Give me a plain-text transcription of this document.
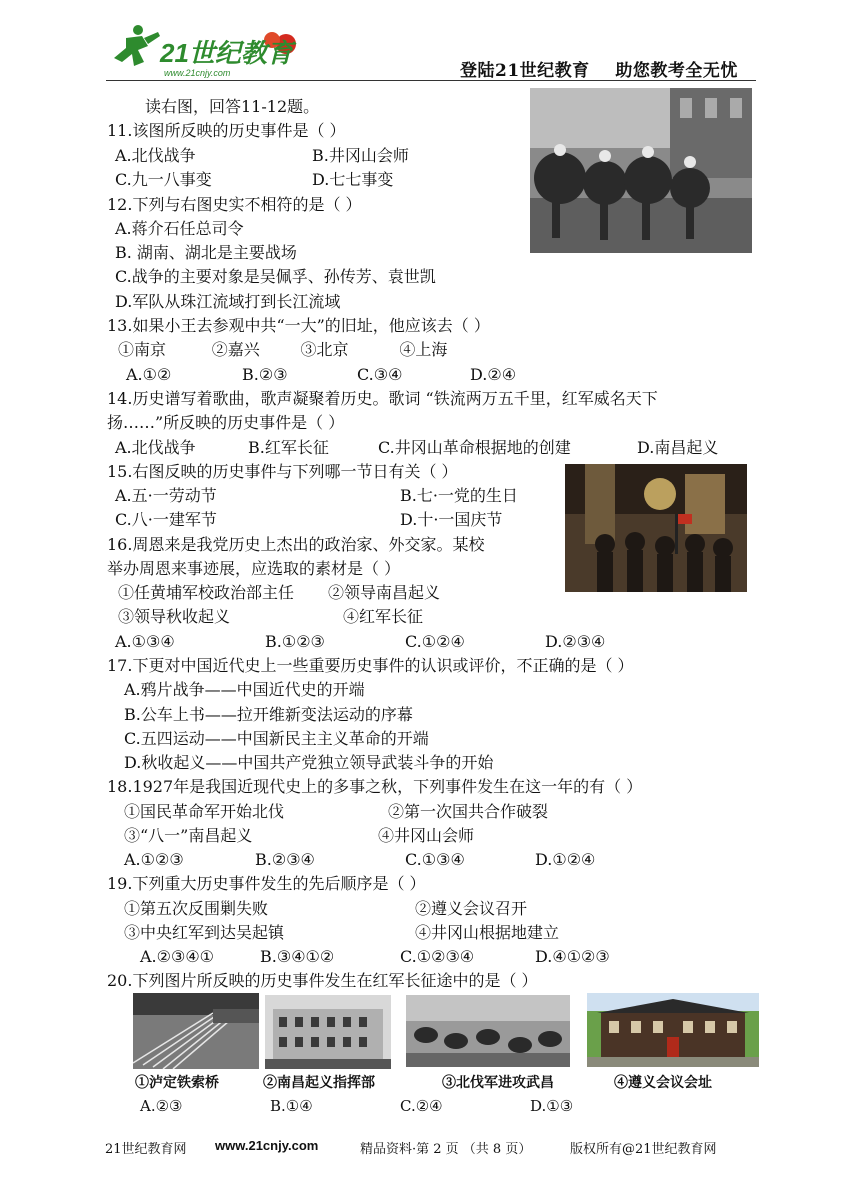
21世纪教育
www.21cnjy.com	登陆21世纪教育    助您教考全无忧
读右图，回答11-12题。
11.该图所反映的历史事件是（ ）
A.北伐战争	B.井冈山会师
C.九一八事变	D.七七事变
12.下列与右图史实不相符的是（ ）
A.蒋介石任总司令
B. 湖南、湖北是主要战场
C.战争的主要对象是吴佩孚、孙传芳、袁世凯
D.军队从珠江流域打到长江流域
13.如果小王去参观中共“一大”的旧址，他应该去（ ）
①南京         ②嘉兴        ③北京          ④上海
A.①②	B.②③	C.③④	D.②④
14.历史谱写着歌曲，歌声凝聚着历史。歌词 “铁流两万五千里，红军威名天下
扬……”所反映的历史事件是（ ）
A.北伐战争	B.红军长征	C.井冈山革命根据地的创建	D.南昌起义
15.右图反映的历史事件与下列哪一节日有关（ ）
A.五·一劳动节	B.七·一党的生日
C.八·一建军节	D.十·一国庆节
16.周恩来是我党历史上杰出的政治家、外交家。某校
举办周恩来事迹展，应选取的素材是（ ）
①任黄埔军校政治部主任 ②领导南昌起义
③领导秋收起义	④红军长征
A.①③④	B.①②③	C.①②④	D.②③④
17.下更对中国近代史上一些重要历史事件的认识或评价，不正确的是（ ）
A.鸦片战争——中国近代史的开端
B.公车上书——拉开维新变法运动的序幕
C.五四运动——中国新民主主义革命的开端
D.秋收起义——中国共产党独立领导武装斗争的开始
18.1927年是我国近现代史上的多事之秋，下列事件发生在这一年的有（ ）
①国民革命军开始北伐	②第一次国共合作破裂
③“八一”南昌起义	④井冈山会师
A.①②③	B.②③④	C.①③④	D.①②④
19.下列重大历史事件发生的先后顺序是（ ）
①第五次反围剿失败	②遵义会议召开
③中央红军到达吴起镇	④井冈山根据地建立
A.②③④①	B.③④①②	C.①②③④	D.④①②③
20.下列图片所反映的历史事件发生在红军长征途中的是（ ）
①泸定铁索桥	②南昌起义指挥部	③北伐军进攻武昌	④遵义会议会址
A.②③	B.①④	C.②④	D.①③
21世纪教育网 www.21cnjy.com	精品资料·第 2 页 （共 8 页）	版权所有@21世纪教育网
